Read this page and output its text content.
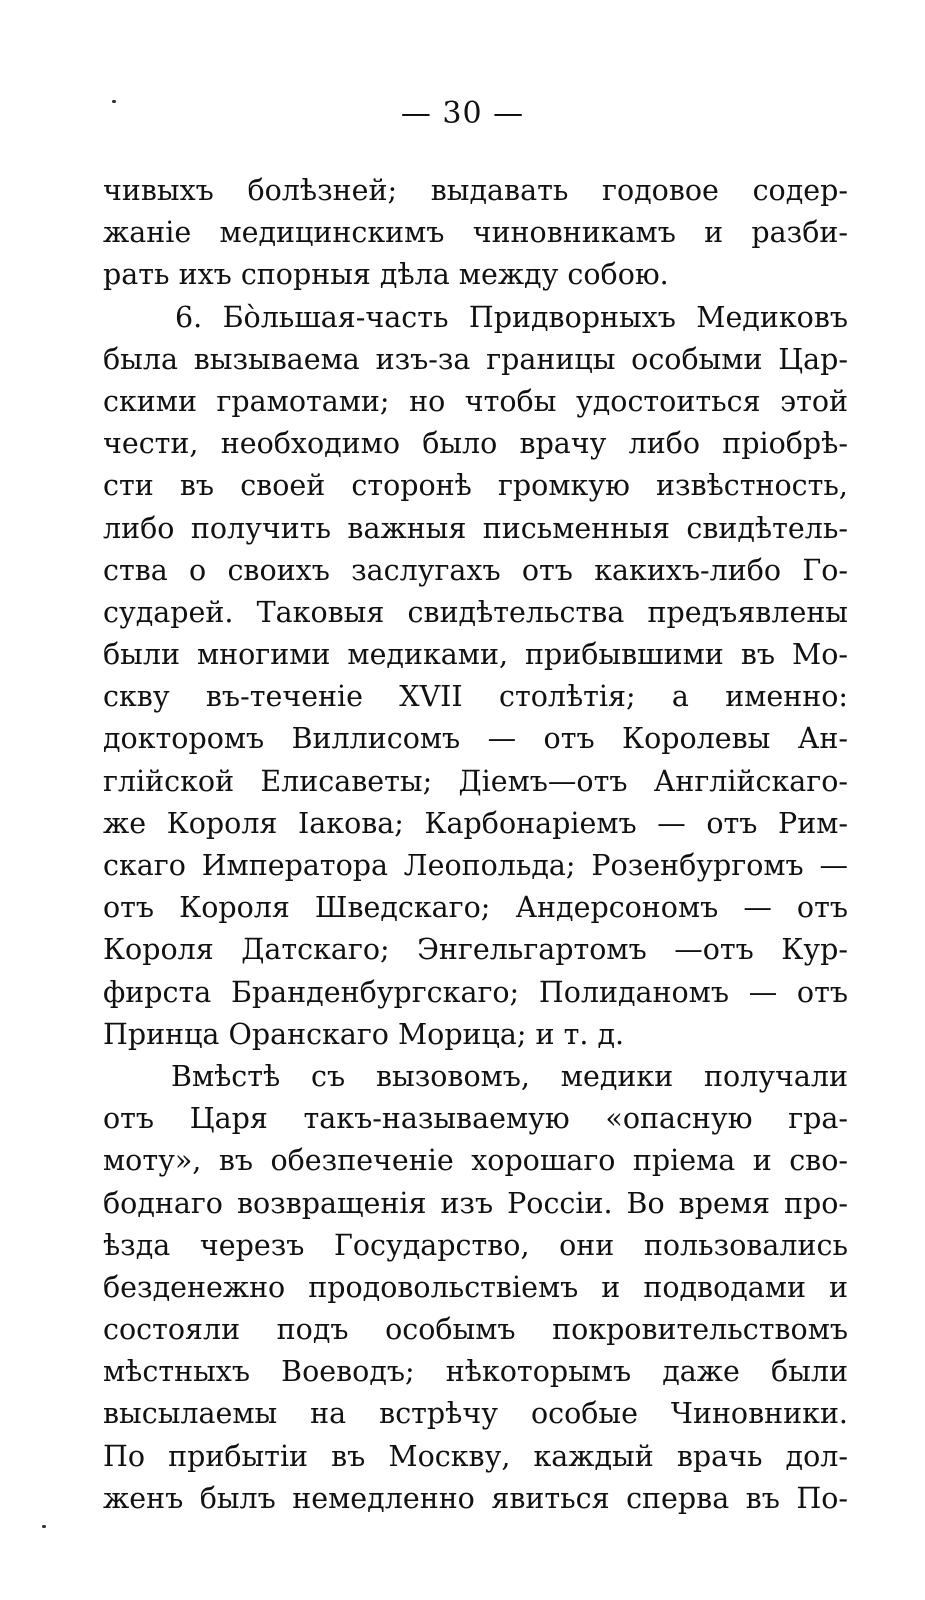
— 30 —
чивыхъ болѣзней; выдавать годовое содер-
жаніе медицинскимъ чиновникамъ и разби-
рать ихъ спорныя дѣла между собою.
6. Бо̀льшая-часть Придворныхъ Медиковъ
была вызываема изъ-за границы особыми Цар-
скими грамотами; но чтобы удостоиться этой
чести, необходимо было врачу либо пріобрѣ-
сти въ своей сторонѣ громкую извѣстность,
либо получить важныя письменныя свидѣтель-
ства о своихъ заслугахъ отъ какихъ-либо Го-
сударей. Таковыя свидѣтельства предъявлены
были многими медиками, прибывшими въ Мо-
скву въ-теченіе XVII столѣтія; а именно:
докторомъ Виллисомъ — отъ Королевы Ан-
глійской Елисаветы; Діемъ—отъ Англійскаго-
же Короля Іакова; Карбонаріемъ — отъ Рим-
скаго Императора Леопольда; Розенбургомъ —
отъ Короля Шведскаго; Андерсономъ — отъ
Короля Датскаго; Энгельгартомъ —отъ Кур-
фирста Бранденбургскаго; Полиданомъ — отъ
Принца Оранскаго Морица; и т. д.
Вмѣстѣ съ вызовомъ, медики получали
отъ Царя такъ-называемую «опасную гра-
моту», въ обезпеченіе хорошаго пріема и сво-
боднаго возвращенія изъ Россіи. Во время про-
ѣзда черезъ Государство, они пользовались
безденежно продовольствіемъ и подводами и
состояли подъ особымъ покровительствомъ
мѣстныхъ Воеводъ; нѣкоторымъ даже были
высылаемы на встрѣчу особые Чиновники.
По прибытіи въ Москву, каждый врачь дол-
женъ былъ немедленно явиться сперва въ По-
